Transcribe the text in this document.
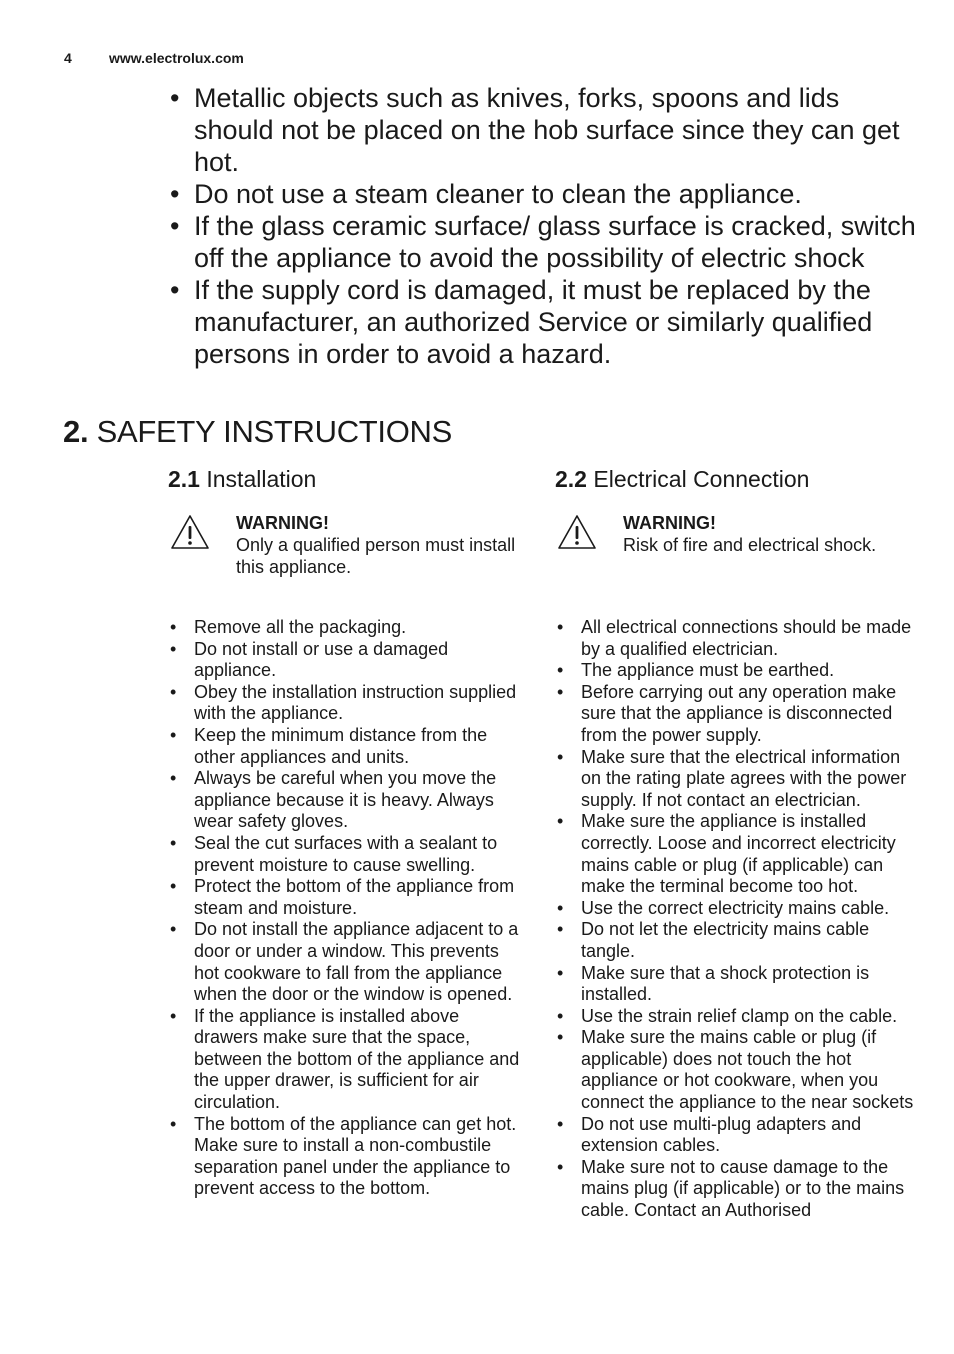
4	www.electrolux.com
• Metallic objects such as knives, forks, spoons and lids should not be placed on the hob surface since they can get hot.
• Do not use a steam cleaner to clean the appliance.
• If the glass ceramic surface/ glass surface is cracked, switch off the appliance to avoid the possibility of electric shock
• If the supply cord is damaged, it must be replaced by the manufacturer, an authorized Service or similarly qualified persons in order to avoid a hazard.
2. SAFETY INSTRUCTIONS
2.1 Installation
WARNING!
Only a qualified person must install this appliance.
• Remove all the packaging.
• Do not install or use a damaged appliance.
• Obey the installation instruction supplied with the appliance.
• Keep the minimum distance from the other appliances and units.
• Always be careful when you move the appliance because it is heavy. Always wear safety gloves.
• Seal the cut surfaces with a sealant to prevent moisture to cause swelling.
• Protect the bottom of the appliance from steam and moisture.
• Do not install the appliance adjacent to a door or under a window. This prevents hot cookware to fall from the appliance when the door or the window is opened.
• If the appliance is installed above drawers make sure that the space, between the bottom of the appliance and the upper drawer, is sufficient for air circulation.
• The bottom of the appliance can get hot. Make sure to install a non-combustile separation panel under the appliance to prevent access to the bottom.
2.2 Electrical Connection
WARNING!
Risk of fire and electrical shock.
• All electrical connections should be made by a qualified electrician.
• The appliance must be earthed.
• Before carrying out any operation make sure that the appliance is disconnected from the power supply.
• Make sure that the electrical information on the rating plate agrees with the power supply. If not contact an electrician.
• Make sure the appliance is installed correctly. Loose and incorrect electricity mains cable or plug (if applicable) can make the terminal become too hot.
• Use the correct electricity mains cable.
• Do not let the electricity mains cable tangle.
• Make sure that a shock protection is installed.
• Use the strain relief clamp on the cable.
• Make sure the mains cable or plug (if applicable) does not touch the hot appliance or hot cookware, when you connect the appliance to the near sockets
• Do not use multi-plug adapters and extension cables.
• Make sure not to cause damage to the mains plug (if applicable) or to the mains cable. Contact an Authorised
